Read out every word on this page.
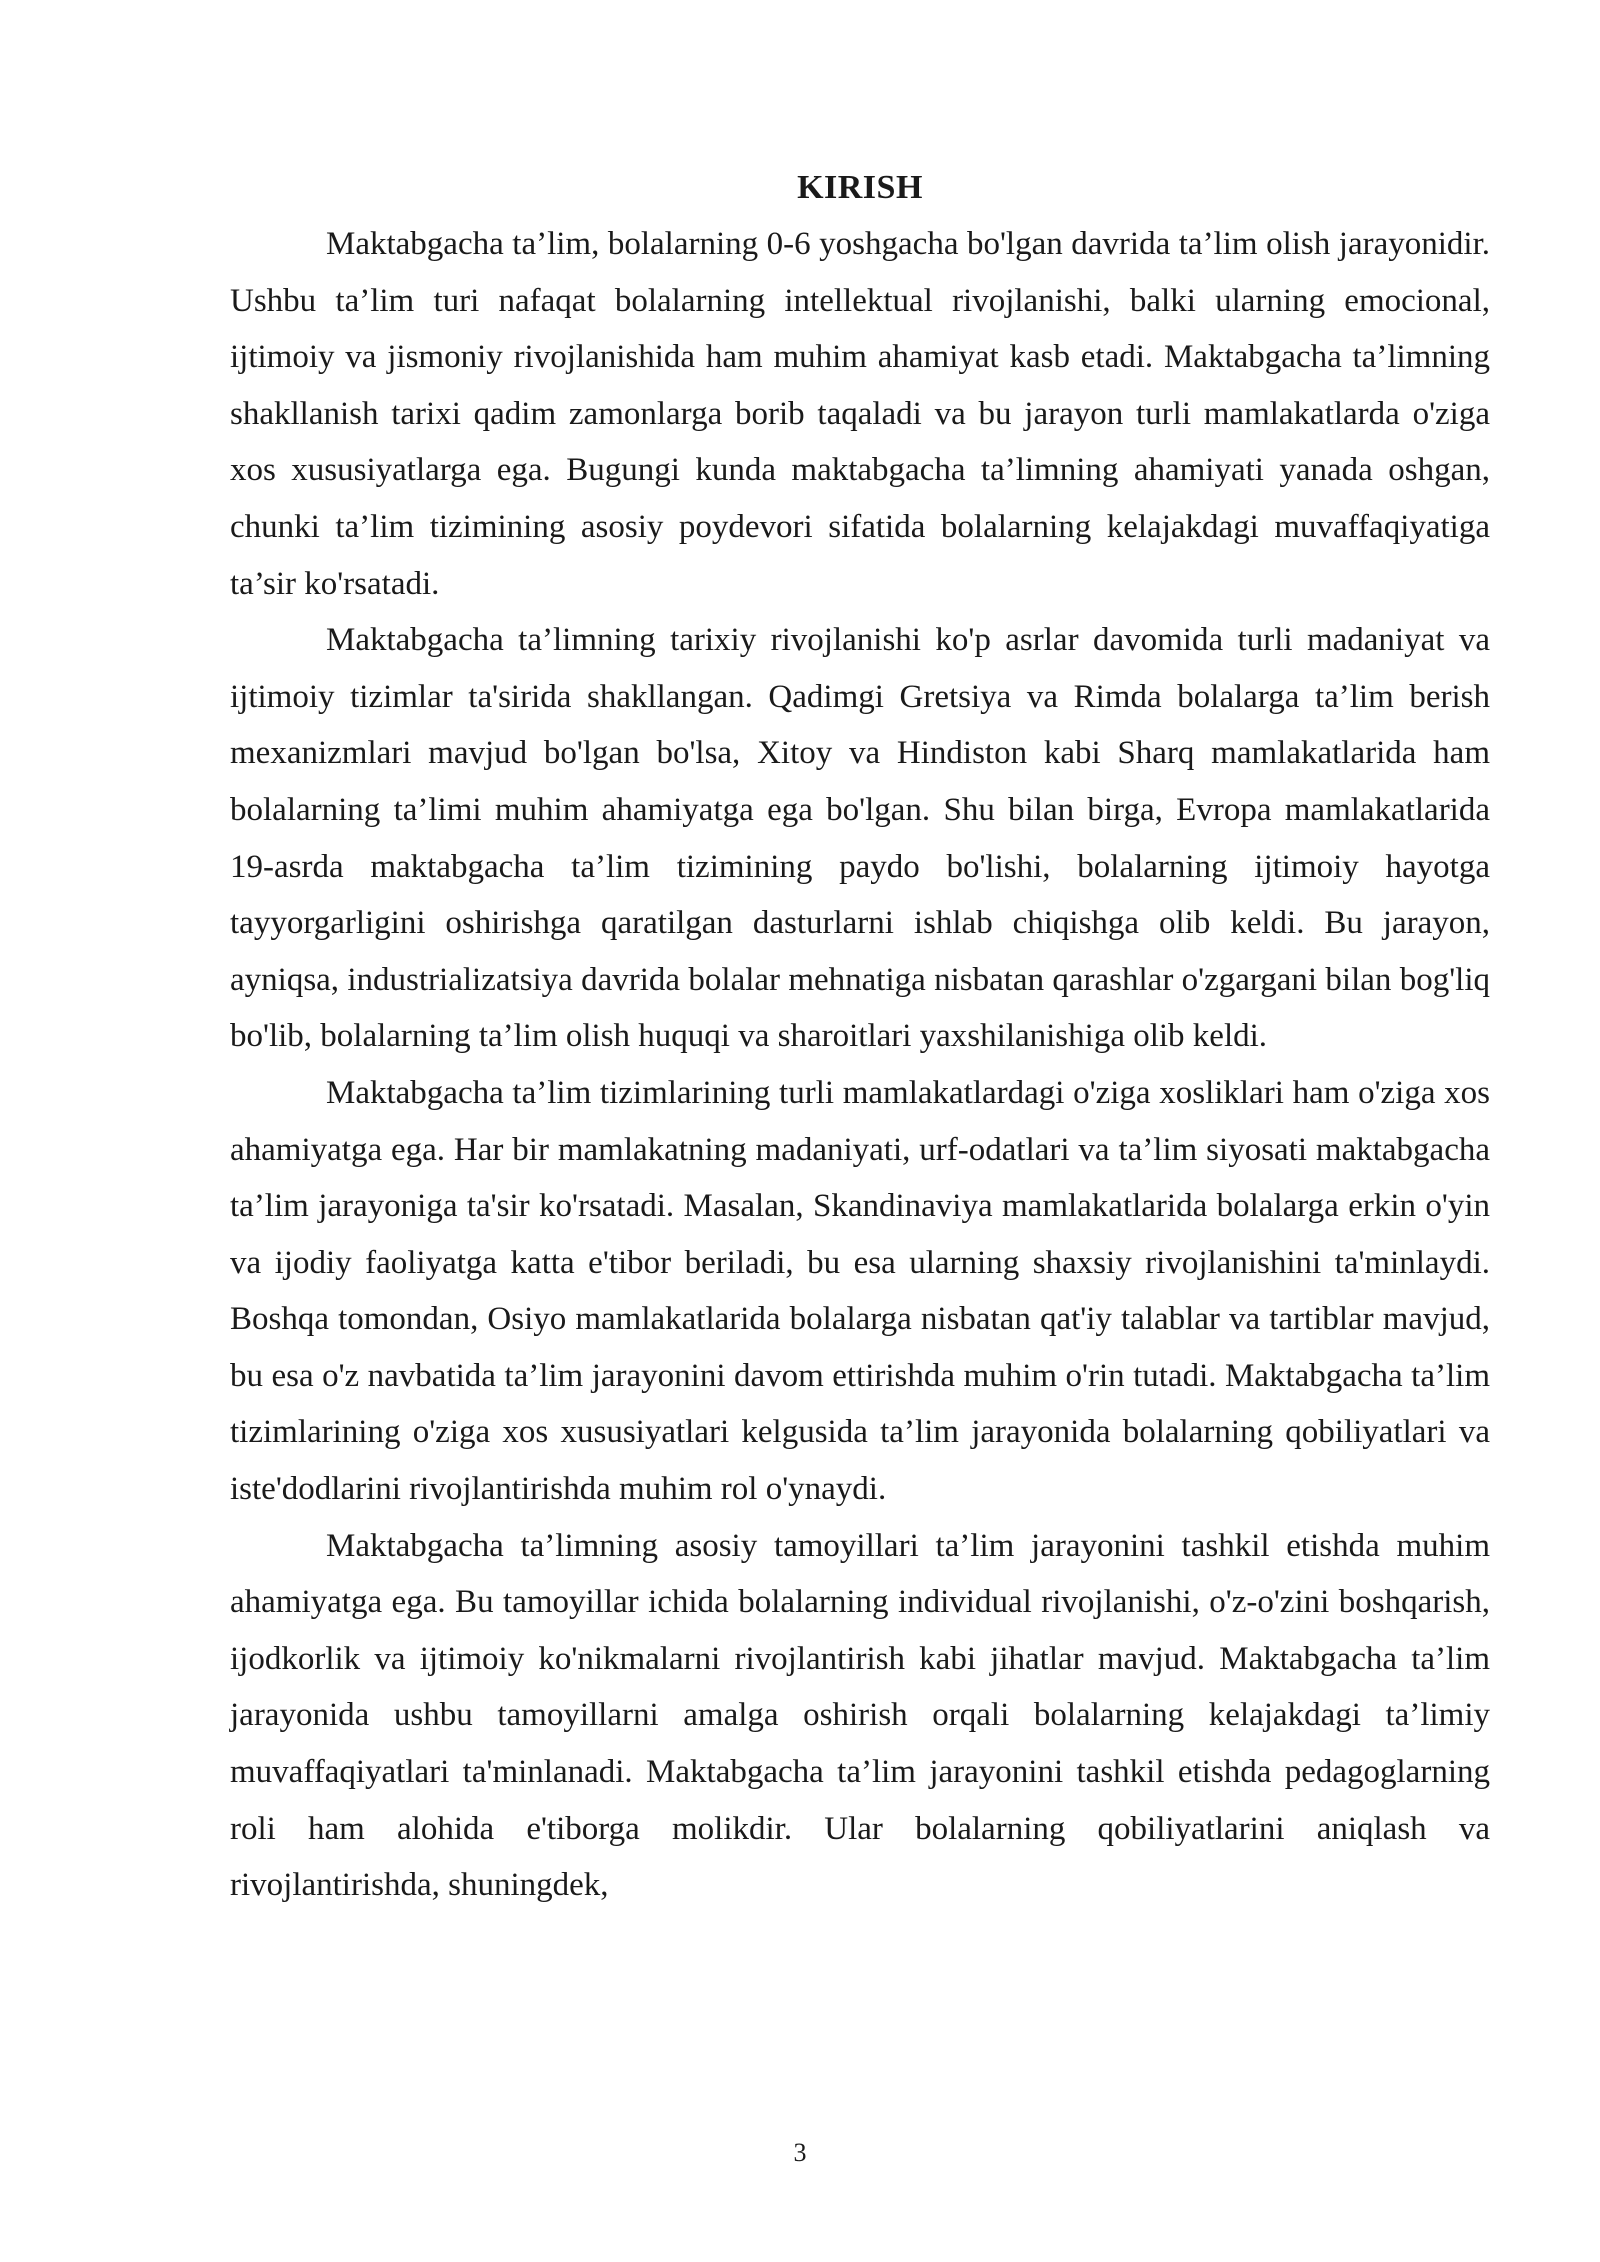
KIRISH

Maktabgacha ta’lim, bolalarning 0-6 yoshgacha bo'lgan davrida ta’lim olish jarayonidir. Ushbu ta’lim turi nafaqat bolalarning intellektual rivojlanishi, balki ularning emocional, ijtimoiy va jismoniy rivojlanishida ham muhim ahamiyat kasb etadi. Maktabgacha ta’limning shakllanish tarixi qadim zamonlarga borib taqaladi va bu jarayon turli mamlakatlarda o'ziga xos xususiyatlarga ega. Bugungi kunda maktabgacha ta’limning ahamiyati yanada oshgan, chunki ta’lim tizimining asosiy poydevori sifatida bolalarning kelajakdagi muvaffaqiyatiga ta’sir ko'rsatadi.

Maktabgacha ta’limning tarixiy rivojlanishi ko'p asrlar davomida turli madaniyat va ijtimoiy tizimlar ta'sirida shakllangan. Qadimgi Gretsiya va Rimda bolalarga ta’lim berish mexanizmlari mavjud bo'lgan bo'lsa, Xitoy va Hindiston kabi Sharq mamlakatlarida ham bolalarning ta’limi muhim ahamiyatga ega bo'lgan. Shu bilan birga, Evropa mamlakatlarida 19-asrda maktabgacha ta’lim tizimining paydo bo'lishi, bolalarning ijtimoiy hayotga tayyorgarligini oshirishga qaratilgan dasturlarni ishlab chiqishga olib keldi. Bu jarayon, ayniqsa, industrializatsiya davrida bolalar mehnatiga nisbatan qarashlar o'zgargani bilan bog'liq bo'lib, bolalarning ta’lim olish huquqi va sharoitlari yaxshilanishiga olib keldi.

Maktabgacha ta’lim tizimlarining turli mamlakatlardagi o'ziga xosliklari ham o'ziga xos ahamiyatga ega. Har bir mamlakatning madaniyati, urf-odatlari va ta’lim siyosati maktabgacha ta’lim jarayoniga ta'sir ko'rsatadi. Masalan, Skandinaviya mamlakatlarida bolalarga erkin o'yin va ijodiy faoliyatga katta e'tibor beriladi, bu esa ularning shaxsiy rivojlanishini ta'minlaydi. Boshqa tomondan, Osiyo mamlakatlarida bolalarga nisbatan qat'iy talablar va tartiblar mavjud, bu esa o'z navbatida ta’lim jarayonini davom ettirishda muhim o'rin tutadi. Maktabgacha ta’lim tizimlarining o'ziga xos xususiyatlari kelgusida ta’lim jarayonida bolalarning qobiliyatlari va iste'dodlarini rivojlantirishda muhim rol o'ynaydi.

Maktabgacha ta’limning asosiy tamoyillari ta’lim jarayonini tashkil etishda muhim ahamiyatga ega. Bu tamoyillar ichida bolalarning individual rivojlanishi, o'z-o'zini boshqarish, ijodkorlik va ijtimoiy ko'nikmalarni rivojlantirish kabi jihatlar mavjud. Maktabgacha ta’lim jarayonida ushbu tamoyillarni amalga oshirish orqali bolalarning kelajakdagi ta’limiy muvaffaqiyatlari ta'minlanadi. Maktabgacha ta’lim jarayonini tashkil etishda pedagoglarning roli ham alohida e'tiborga molikdir. Ular bolalarning qobiliyatlarini aniqlash va rivojlantirishda, shuningdek,

3
